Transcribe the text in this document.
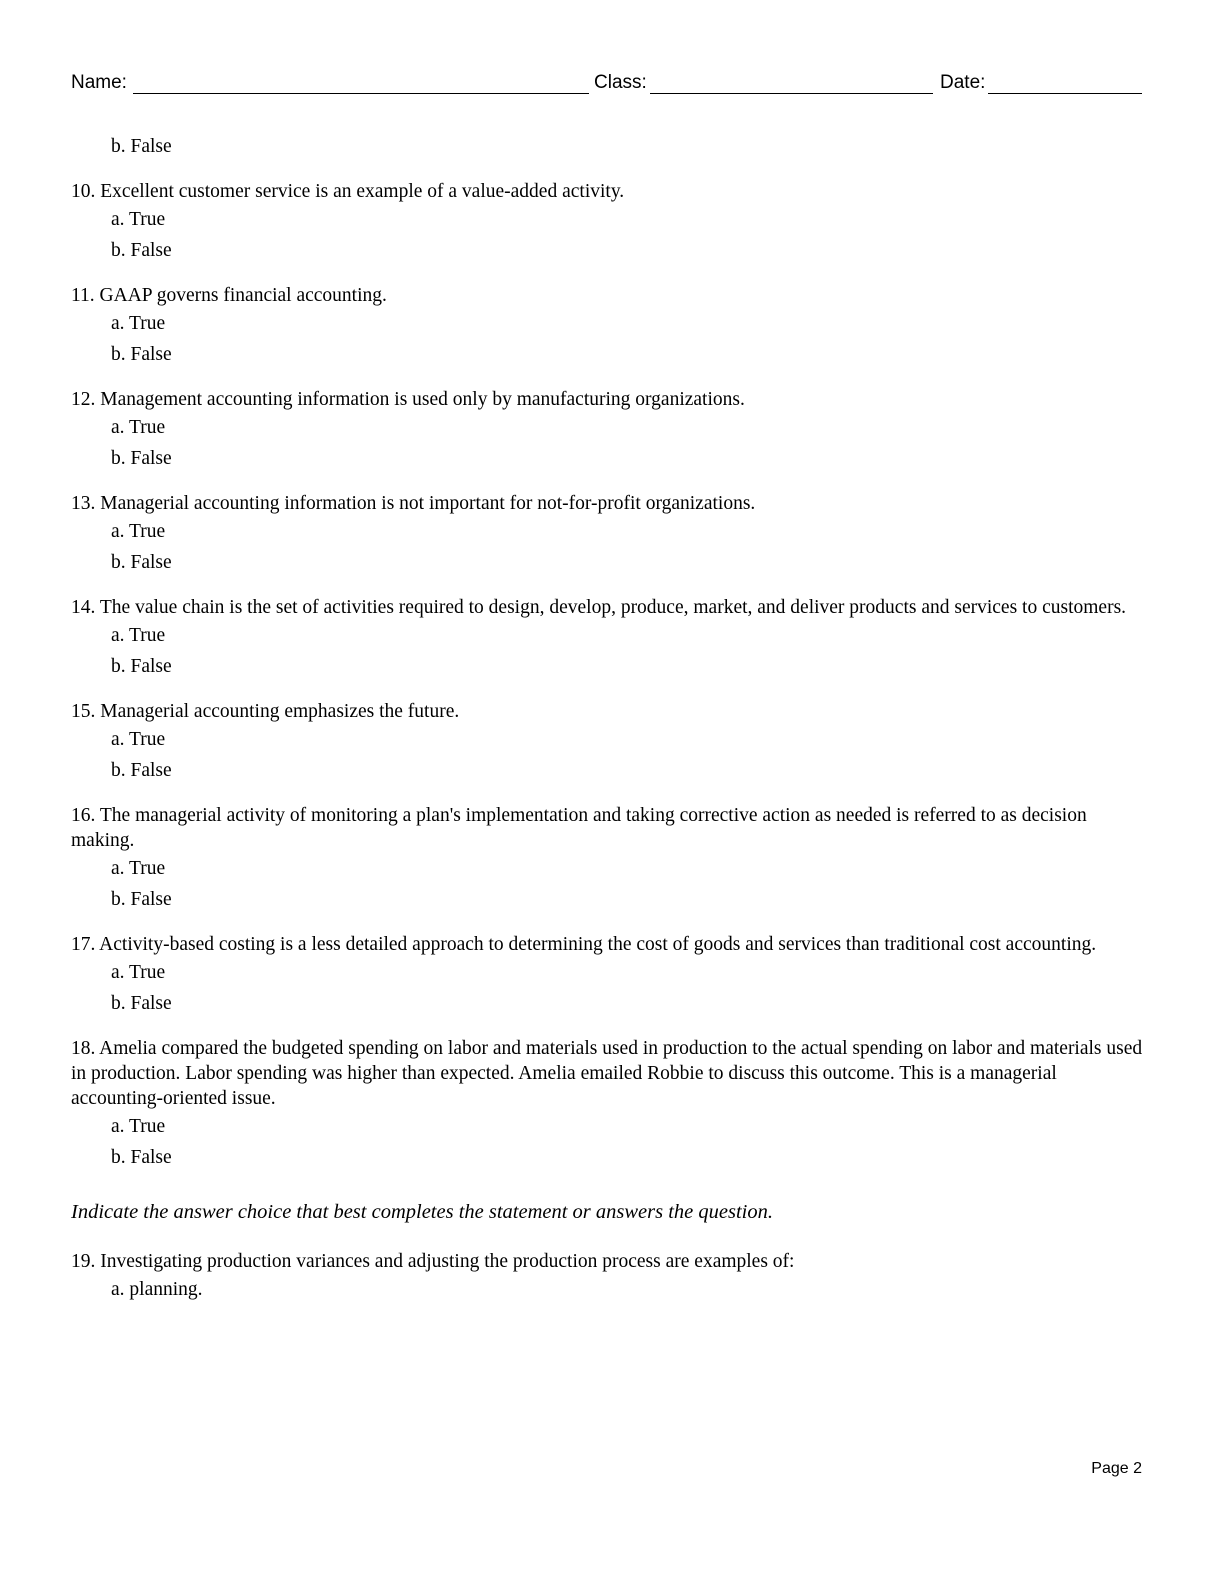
Name:	Class:	Date:

b. False

10. Excellent customer service is an example of a value-added activity.

a. True

b. False

11. GAAP governs financial accounting.

a. True

b. False

12. Management accounting information is used only by manufacturing organizations.

a. True

b. False

13. Managerial accounting information is not important for not-for-profit organizations.

a. True

b. False

14. The value chain is the set of activities required to design, develop, produce, market, and deliver products and services to customers.

a. True

b. False

15. Managerial accounting emphasizes the future.

a. True

b. False

16. The managerial activity of monitoring a plan's implementation and taking corrective action as needed is referred to as decision making.

a. True

b. False

17. Activity-based costing is a less detailed approach to determining the cost of goods and services than traditional cost accounting.

a. True

b. False

18. Amelia compared the budgeted spending on labor and materials used in production to the actual spending on labor and materials used in production. Labor spending was higher than expected. Amelia emailed Robbie to discuss this outcome. This is a managerial accounting-oriented issue.

a. True

b. False

Indicate the answer choice that best completes the statement or answers the question.

19. Investigating production variances and adjusting the production process are examples of:

a. planning.

Page 2
